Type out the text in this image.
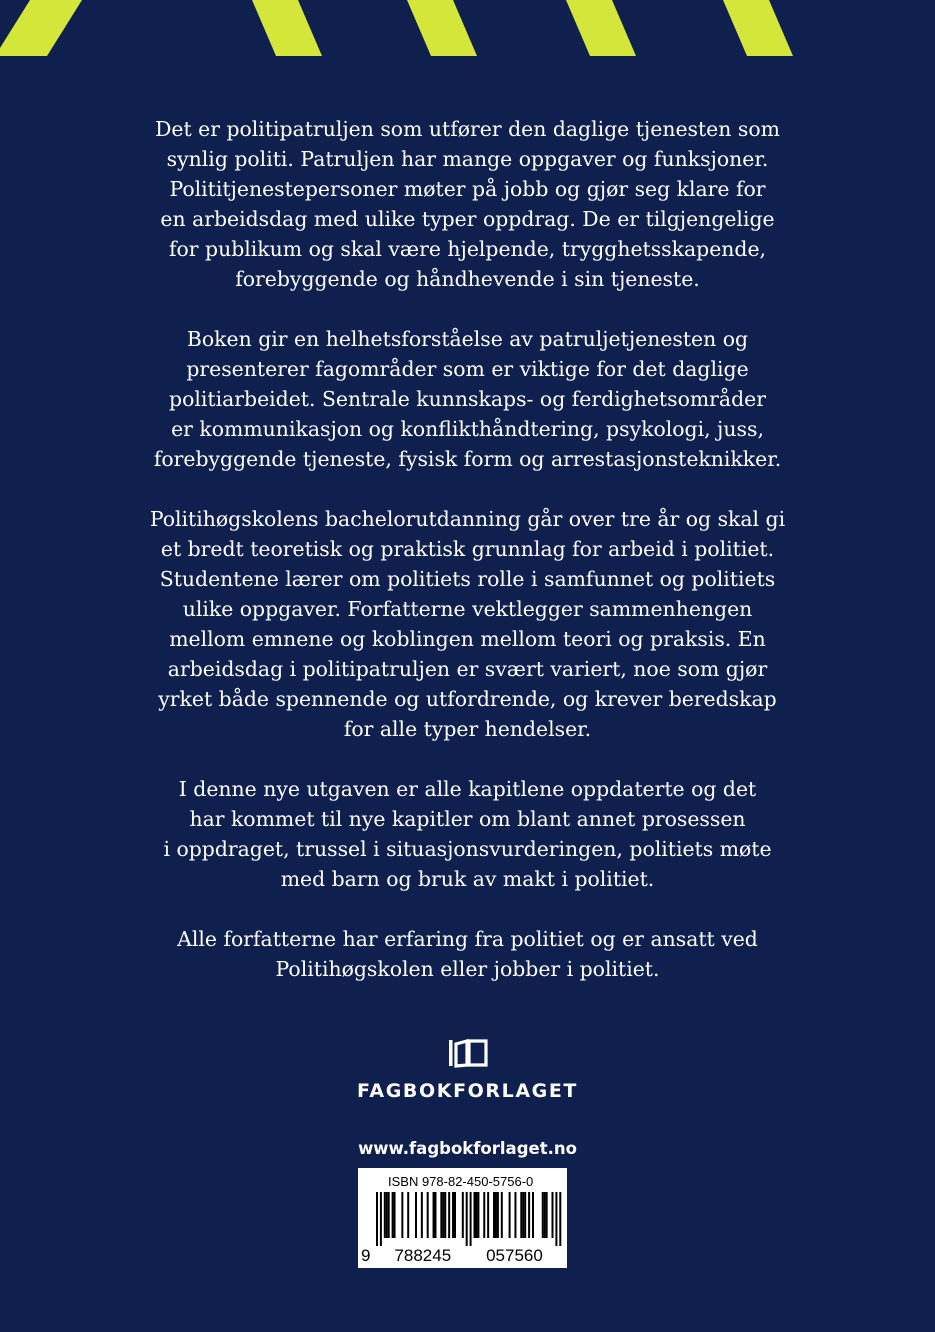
Det er politipatruljen som utfører den daglige tjenesten som
synlig politi. Patruljen har mange oppgaver og funksjoner.
Polititjenestepersoner møter på jobb og gjør seg klare for
en arbeidsdag med ulike typer oppdrag. De er tilgjengelige
for publikum og skal være hjelpende, trygghetsskapende,
forebyggende og håndhevende i sin tjeneste.

Boken gir en helhetsforståelse av patruljetjenesten og
presenterer fagområder som er viktige for det daglige
politiarbeidet. Sentrale kunnskaps- og ferdighetsområder
er kommunikasjon og konflikthåndtering, psykologi, juss,
forebyggende tjeneste, fysisk form og arrestasjonsteknikker.

Politihøgskolens bachelorutdanning går over tre år og skal gi
et bredt teoretisk og praktisk grunnlag for arbeid i politiet.
Studentene lærer om politiets rolle i samfunnet og politiets
ulike oppgaver. Forfatterne vektlegger sammenhengen
mellom emnene og koblingen mellom teori og praksis. En
arbeidsdag i politipatruljen er svært variert, noe som gjør
yrket både spennende og utfordrende, og krever beredskap
for alle typer hendelser.

I denne nye utgaven er alle kapitlene oppdaterte og det
har kommet til nye kapitler om blant annet prosessen
i oppdraget, trussel i situasjonsvurderingen, politiets møte
med barn og bruk av makt i politiet.

Alle forfatterne har erfaring fra politiet og er ansatt ved
Politihøgskolen eller jobber i politiet.

FAGBOKFORLAGET
www.fagbokforlaget.no
9 788245 057560
ISBN 978-82-450-5756-0
